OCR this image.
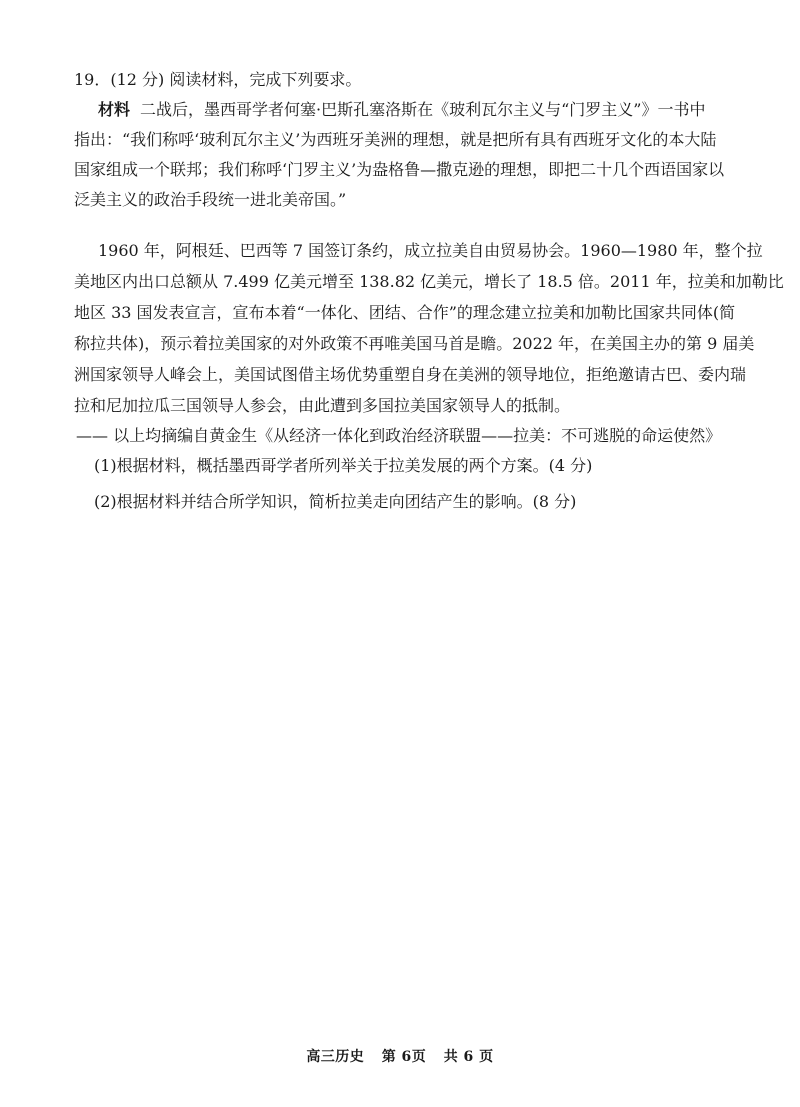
19．(12 分) 阅读材料，完成下列要求。
材料 二战后，墨西哥学者何塞·巴斯孔塞洛斯在《玻利瓦尔主义与“门罗主义”》一书中
指出：“我们称呼‘玻利瓦尔主义’为西班牙美洲的理想，就是把所有具有西班牙文化的本大陆
国家组成一个联邦；我们称呼‘门罗主义’为盎格鲁—撒克逊的理想，即把二十几个西语国家以
泛美主义的政治手段统一进北美帝国。”
1960 年，阿根廷、巴西等 7 国签订条约，成立拉美自由贸易协会。1960—1980 年，整个拉
美地区内出口总额从 7.499 亿美元增至 138.82 亿美元，增长了 18.5 倍。2011 年，拉美和加勒比
地区 33 国发表宣言，宣布本着“一体化、团结、合作”的理念建立拉美和加勒比国家共同体(简
称拉共体)，预示着拉美国家的对外政策不再唯美国马首是瞻。2022 年，在美国主办的第 9 届美
洲国家领导人峰会上，美国试图借主场优势重塑自身在美洲的领导地位，拒绝邀请古巴、委内瑞
拉和尼加拉瓜三国领导人参会，由此遭到多国拉美国家领导人的抵制。
—— 以上均摘编自黄金生《从经济一体化到政治经济联盟——拉美：不可逃脱的命运使然》
(1)根据材料，概括墨西哥学者所列举关于拉美发展的两个方案。(4 分)
(2)根据材料并结合所学知识，简析拉美走向团结产生的影响。(8 分)
高三历史 第 6页 共 6 页
